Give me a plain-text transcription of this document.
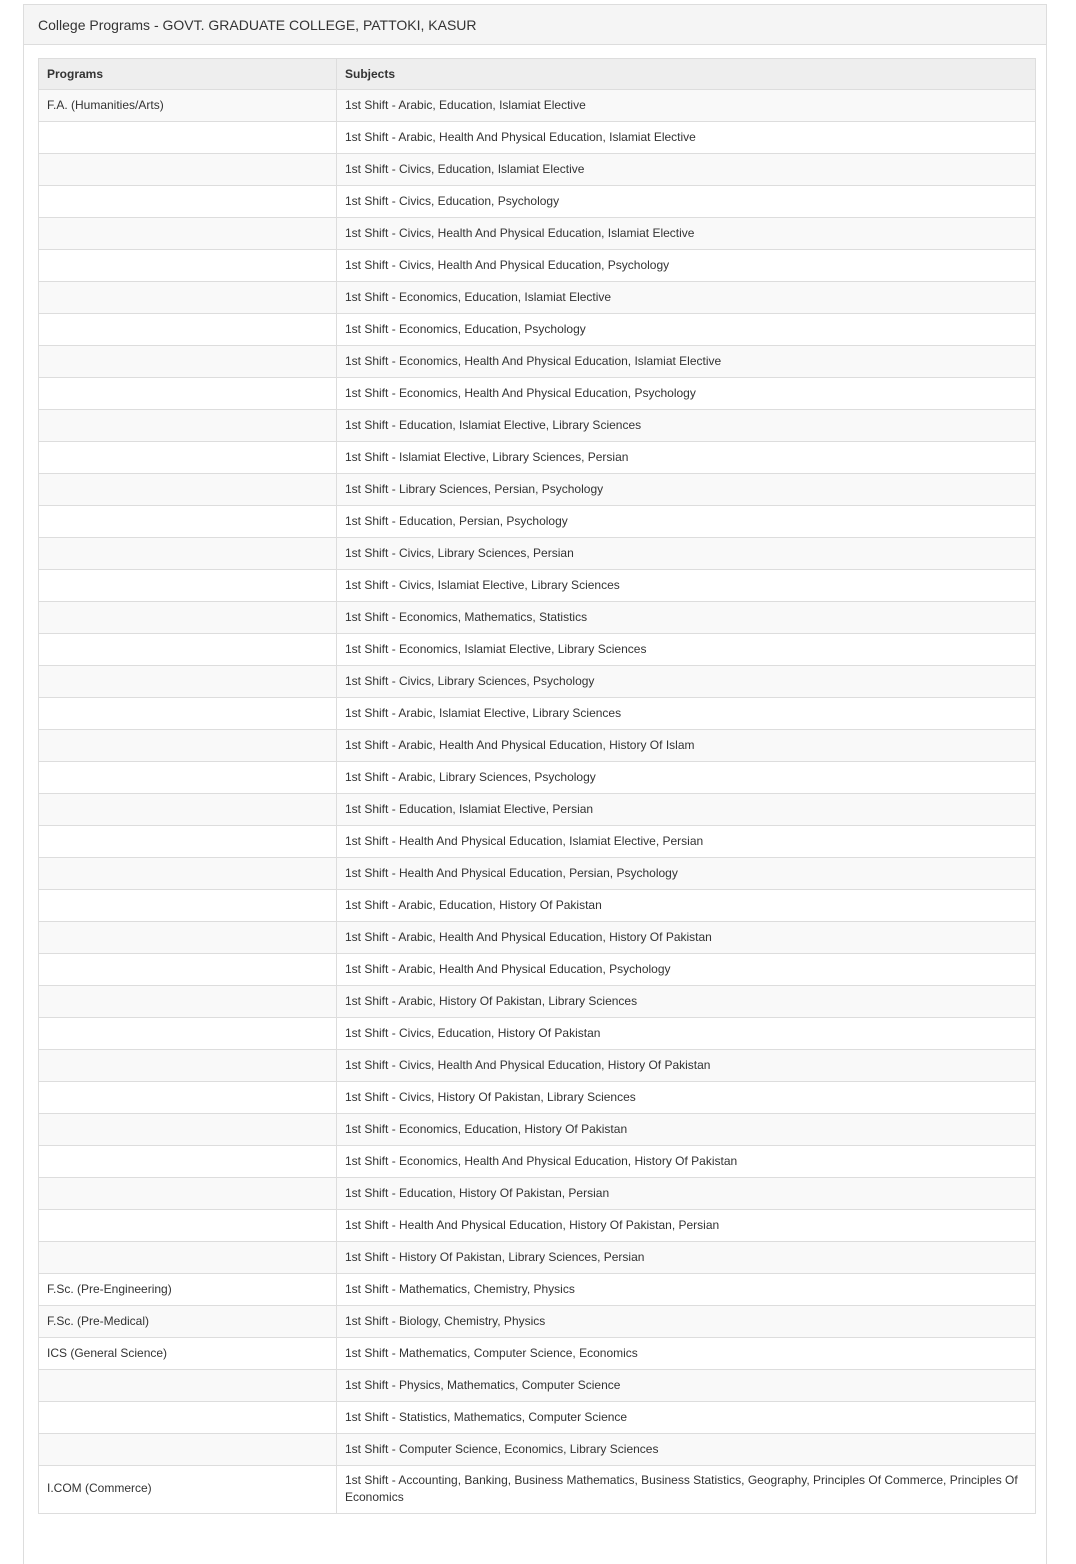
College Programs - GOVT. GRADUATE COLLEGE, PATTOKI, KASUR
Programs	Subjects
F.A. (Humanities/Arts)	1st Shift - Arabic, Education, Islamiat Elective
	1st Shift - Arabic, Health And Physical Education, Islamiat Elective
	1st Shift - Civics, Education, Islamiat Elective
	1st Shift - Civics, Education, Psychology
	1st Shift - Civics, Health And Physical Education, Islamiat Elective
	1st Shift - Civics, Health And Physical Education, Psychology
	1st Shift - Economics, Education, Islamiat Elective
	1st Shift - Economics, Education, Psychology
	1st Shift - Economics, Health And Physical Education, Islamiat Elective
	1st Shift - Economics, Health And Physical Education, Psychology
	1st Shift - Education, Islamiat Elective, Library Sciences
	1st Shift - Islamiat Elective, Library Sciences, Persian
	1st Shift - Library Sciences, Persian, Psychology
	1st Shift - Education, Persian, Psychology
	1st Shift - Civics, Library Sciences, Persian
	1st Shift - Civics, Islamiat Elective, Library Sciences
	1st Shift - Economics, Mathematics, Statistics
	1st Shift - Economics, Islamiat Elective, Library Sciences
	1st Shift - Civics, Library Sciences, Psychology
	1st Shift - Arabic, Islamiat Elective, Library Sciences
	1st Shift - Arabic, Health And Physical Education, History Of Islam
	1st Shift - Arabic, Library Sciences, Psychology
	1st Shift - Education, Islamiat Elective, Persian
	1st Shift - Health And Physical Education, Islamiat Elective, Persian
	1st Shift - Health And Physical Education, Persian, Psychology
	1st Shift - Arabic, Education, History Of Pakistan
	1st Shift - Arabic, Health And Physical Education, History Of Pakistan
	1st Shift - Arabic, Health And Physical Education, Psychology
	1st Shift - Arabic, History Of Pakistan, Library Sciences
	1st Shift - Civics, Education, History Of Pakistan
	1st Shift - Civics, Health And Physical Education, History Of Pakistan
	1st Shift - Civics, History Of Pakistan, Library Sciences
	1st Shift - Economics, Education, History Of Pakistan
	1st Shift - Economics, Health And Physical Education, History Of Pakistan
	1st Shift - Education, History Of Pakistan, Persian
	1st Shift - Health And Physical Education, History Of Pakistan, Persian
	1st Shift - History Of Pakistan, Library Sciences, Persian
F.Sc. (Pre-Engineering)	1st Shift - Mathematics, Chemistry, Physics
F.Sc. (Pre-Medical)	1st Shift - Biology, Chemistry, Physics
ICS (General Science)	1st Shift - Mathematics, Computer Science, Economics
	1st Shift - Physics, Mathematics, Computer Science
	1st Shift - Statistics, Mathematics, Computer Science
	1st Shift - Computer Science, Economics, Library Sciences
I.COM (Commerce)	1st Shift - Accounting, Banking, Business Mathematics, Business Statistics, Geography, Principles Of Commerce, Principles Of Economics
